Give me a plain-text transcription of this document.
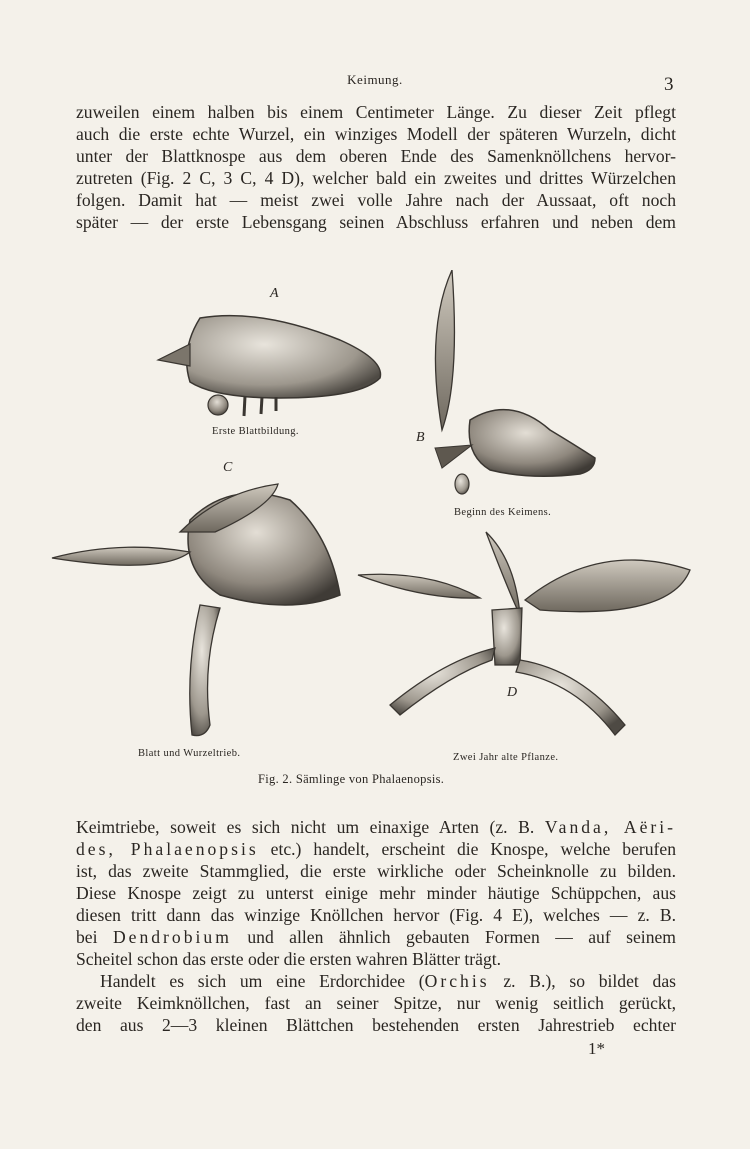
Keimung.	3
zuweilen einem halben bis einem Centimeter Länge. Zu dieser Zeit pflegt
auch die erste echte Wurzel, ein winziges Modell der späteren Wurzeln, dicht
unter der Blattknospe aus dem oberen Ende des Samenknöllchens hervor-
zutreten (Fig. 2 C, 3 C, 4 D), welcher bald ein zweites und drittes Würzelchen
folgen. Damit hat — meist zwei volle Jahre nach der Aussaat, oft noch
später — der erste Lebensgang seinen Abschluss erfahren und neben dem
A
Erste Blattbildung.	B
Beginn des Keimens.
C
Blatt und Wurzeltrieb.
D
Zwei Jahr alte Pflanze.
Fig. 2. Sämlinge von Phalaenopsis.
Keimtriebe, soweit es sich nicht um einaxige Arten (z. B. Vanda, Aëri-
des, Phalaenopsis etc.) handelt, erscheint die Knospe, welche berufen
ist, das zweite Stammglied, die erste wirkliche oder Scheinknolle zu bilden.
Diese Knospe zeigt zu unterst einige mehr minder häutige Schüppchen, aus
diesen tritt dann das winzige Knöllchen hervor (Fig. 4 E), welches — z. B.
bei Dendrobium und allen ähnlich gebauten Formen — auf seinem
Scheitel schon das erste oder die ersten wahren Blätter trägt.
Handelt es sich um eine Erdorchidee (Orchis z. B.), so bildet das
zweite Keimknöllchen, fast an seiner Spitze, nur wenig seitlich gerückt,
den aus 2—3 kleinen Blättchen bestehenden ersten Jahrestrieb echter
1*
